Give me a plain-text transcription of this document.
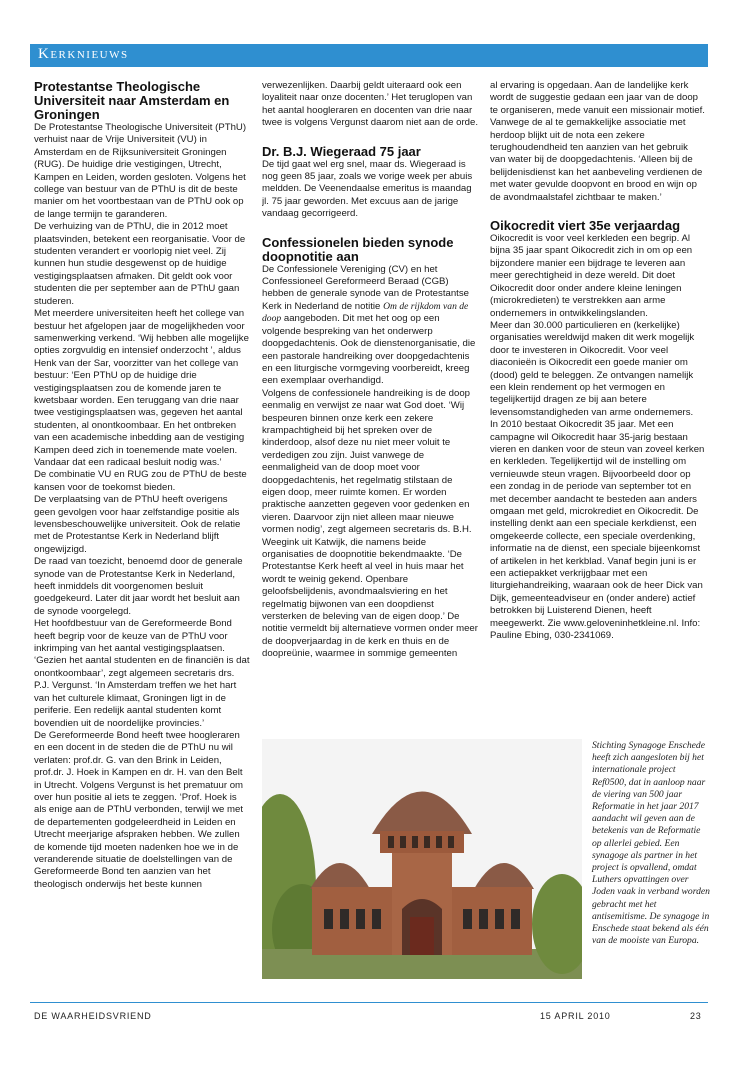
Kerknieuws
Protestantse Theologische Universiteit naar Amsterdam en Groningen

De Protestantse Theologische Universiteit (PThU) verhuist naar de Vrije Universiteit (VU) in Amsterdam en de Rijksuniversiteit Groningen (RUG). De huidige drie vestigingen, Utrecht, Kampen en Leiden, worden gesloten. Volgens het college van bestuur van de PThU is dit de beste manier om het voortbestaan van de PThU ook op de lange termijn te garanderen.

De verhuizing van de PThU, die in 2012 moet plaatsvinden, betekent een reorganisatie. Voor de studenten verandert er voorlopig niet veel. Zij kunnen hun studie desgewenst op de huidige vestigingsplaatsen afmaken. Dit geldt ook voor studenten die per september aan de PThU gaan studeren.

Met meerdere universiteiten heeft het college van bestuur het afgelopen jaar de mogelijkheden voor samenwerking verkend. ‘Wij hebben alle mogelijke opties zorgvuldig en intensief onderzocht ’, aldus Henk van der Sar, voorzitter van het college van bestuur: ‘Een PThU op de huidige drie vestigingsplaatsen zou de komende jaren te kwetsbaar worden. Een teruggang van drie naar twee vestigingsplaatsen was, gegeven het aantal studenten, al onontkoombaar. En het ontbreken van een academische inbedding aan de vestiging Kampen deed zich in toenemende mate voelen. Vandaar dat een radicaal besluit nodig was.’

De combinatie VU en RUG zou de PThU de beste kansen voor de toekomst bieden.

De verplaatsing van de PThU heeft overigens geen gevolgen voor haar zelfstandige positie als levensbeschouwelijke universiteit. Ook de relatie met de Protestantse Kerk in Nederland blijft ongewijzigd.

De raad van toezicht, benoemd door de generale synode van de Protestantse Kerk in Nederland, heeft inmiddels dit voorgenomen besluit goedgekeurd. Later dit jaar wordt het besluit aan de synode voorgelegd.

Het hoofdbestuur van de Gereformeerde Bond heeft begrip voor de keuze van de PThU voor inkrimping van het aantal vestigingsplaatsen. ‘Gezien het aantal studenten en de financiën is dat onontkoombaar’, zegt algemeen secretaris drs. P.J. Vergunst. ‘In Amsterdam treffen we het hart van het culturele klimaat, Groningen ligt in de periferie. Een redelijk aantal studenten komt bovendien uit de noordelijke provincies.’

De Gereformeerde Bond heeft twee hoogleraren en een docent in de steden die de PThU nu wil verlaten: prof.dr. G. van den Brink in Leiden, prof.dr. J. Hoek in Kampen en dr. H. van den Belt in Utrecht. Volgens Vergunst is het prematuur om over hun positie al iets te zeggen. ‘Prof. Hoek is als enige aan de PThU verbonden, terwijl we met de departementen godgeleerdheid in Leiden en Utrecht meerjarige afspraken hebben. We zullen de komende tijd moeten nadenken hoe we in de veranderende situatie de doelstellingen van de Gereformeerde Bond ten aanzien van het theologisch onderwijs het beste kunnen

verwezenlijken. Daarbij geldt uiteraard ook een loyaliteit naar onze docenten.’ Het teruglopen van het aantal hoogleraren en docenten van drie naar twee is volgens Vergunst daarom niet aan de orde.

Dr. B.J. Wiegeraad 75 jaar

De tijd gaat wel erg snel, maar ds. Wiegeraad is nog geen 85 jaar, zoals we vorige week per abuis meldden. De Veenendaalse emeritus is maandag jl. 75 jaar geworden. Met excuus aan de jarige vandaag gecorrigeerd.

Confessionelen bieden synode doopnotitie aan

De Confessionele Vereniging (CV) en het Confessioneel Gereformeerd Beraad (CGB) hebben de generale synode van de Protestantse Kerk in Nederland de notitie Om de rijkdom van de doop aangeboden. Dit met het oog op een volgende bespreking van het onderwerp doopgedachtenis. Ook de dienstenorganisatie, die een pastorale handreiking over doopgedachtenis en een liturgische vormgeving voorbereidt, kreeg een exemplaar overhandigd.

Volgens de confessionele handreiking is de doop eenmalig en verwijst ze naar wat God doet. ‘Wij bespeuren binnen onze kerk een zekere krampachtigheid bij het spreken over de kinderdoop, alsof deze nu niet meer voluit te verdedigen zou zijn. Juist vanwege de eenmaligheid van de doop moet voor doopgedachtenis, het regelmatig stilstaan de eigen doop, meer ruimte komen. Er worden praktische aanzetten gegeven voor gedenken en vieren. Daarvoor zijn niet alleen maar nieuwe vormen nodig’, zegt algemeen secretaris ds. B.H. Weegink uit Katwijk, die namens beide organisaties de doopnotitie bekendmaakte. ‘De Protestantse Kerk heeft al veel in huis maar het wordt te weinig gekend. Openbare geloofsbelijdenis, avondmaalsviering en het regelmatig bijwonen van een doopdienst versterken de beleving van de eigen doop.’ De notitie vermeldt bij alternatieve vormen onder meer de doopverjaardag in de kerk en thuis en de doopreünie, waarmee in sommige gemeenten

al ervaring is opgedaan. Aan de landelijke kerk wordt de suggestie gedaan een jaar van de doop te organiseren, mede vanuit een missionair motief. Vanwege de al te gemakkelijke associatie met herdoop blijkt uit de nota een zekere terughoudendheid ten aanzien van het gebruik van water bij de doopgedachtenis. ‘Alleen bij de belijdenisdienst kan het aanbeveling verdienen de met water gevulde doopvont en brood en wijn op de avondmaalstafel zichtbaar te maken.’

Oikocredit viert 35e verjaardag

Oikocredit is voor veel kerkleden een begrip. Al bijna 35 jaar spant Oikocredit zich in om op een bijzondere manier een bijdrage te leveren aan meer gerechtigheid in deze wereld. Dit doet Oikocredit door onder andere kleine leningen (microkredieten) te verstrekken aan arme ondernemers in ontwikkelingslanden.

Meer dan 30.000 particulieren en (kerkelijke) organisaties wereldwijd maken dit werk mogelijk door te investeren in Oikocredit. Voor veel diaconieën is Oikocredit een goede manier om (dood) geld te beleggen. Ze ontvangen namelijk een klein rendement op het vermogen en tegelijkertijd dragen ze bij aan betere levensomstandigheden van arme ondernemers.

In 2010 bestaat Oikocredit 35 jaar. Met een campagne wil Oikocredit haar 35-jarig bestaan vieren en danken voor de steun van zoveel kerken en kerkleden. Tegelijkertijd wil de instelling om vernieuwde steun vragen. Bijvoorbeeld door op een zondag in de periode van september tot en met december aandacht te besteden aan anders omgaan met geld, microkrediet en Oikocredit. De instelling denkt aan een speciale kerkdienst, een omgekeerde collecte, een speciale overdenking, informatie na de dienst, een speciale bijeenkomst of artikelen in het kerkblad. Vanaf begin juni is er een actiepakket verkrijgbaar met een liturgiehandreiking, waaraan ook de heer Dick van Dijk, gemeenteadviseur en (onder andere) actief betrokken bij Luisterend Dienen, heeft meegewerkt. Zie www.geloveninhetkleine.nl. Info: Pauline Ebing, 030-2341069.

Stichting Synagoge Enschede heeft zich aangesloten bij het internationale project Ref0500, dat in aanloop naar de viering van 500 jaar Reformatie in het jaar 2017 aandacht wil geven aan de betekenis van de Reformatie op allerlei gebied. Een synagoge als partner in het project is opvallend, omdat Luthers opvattingen over Joden vaak in verband worden gebracht met het antisemitisme. De synagoge in Enschede staat bekend als één van de mooiste van Europa.
DE WAARHEIDSVRIEND	15 APRIL 2010	23
